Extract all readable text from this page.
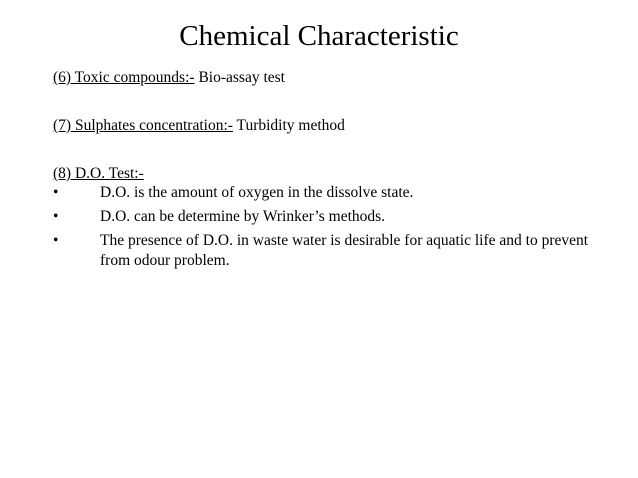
Chemical Characteristic
(6) Toxic compounds:- Bio-assay test
(7) Sulphates concentration:- Turbidity method
(8) D.O. Test:-
•	D.O. is the amount of oxygen in the dissolve state.
•	D.O. can be determine by Wrinker’s methods.
•	The presence of D.O. in waste water is desirable for aquatic life and to prevent from odour problem.
